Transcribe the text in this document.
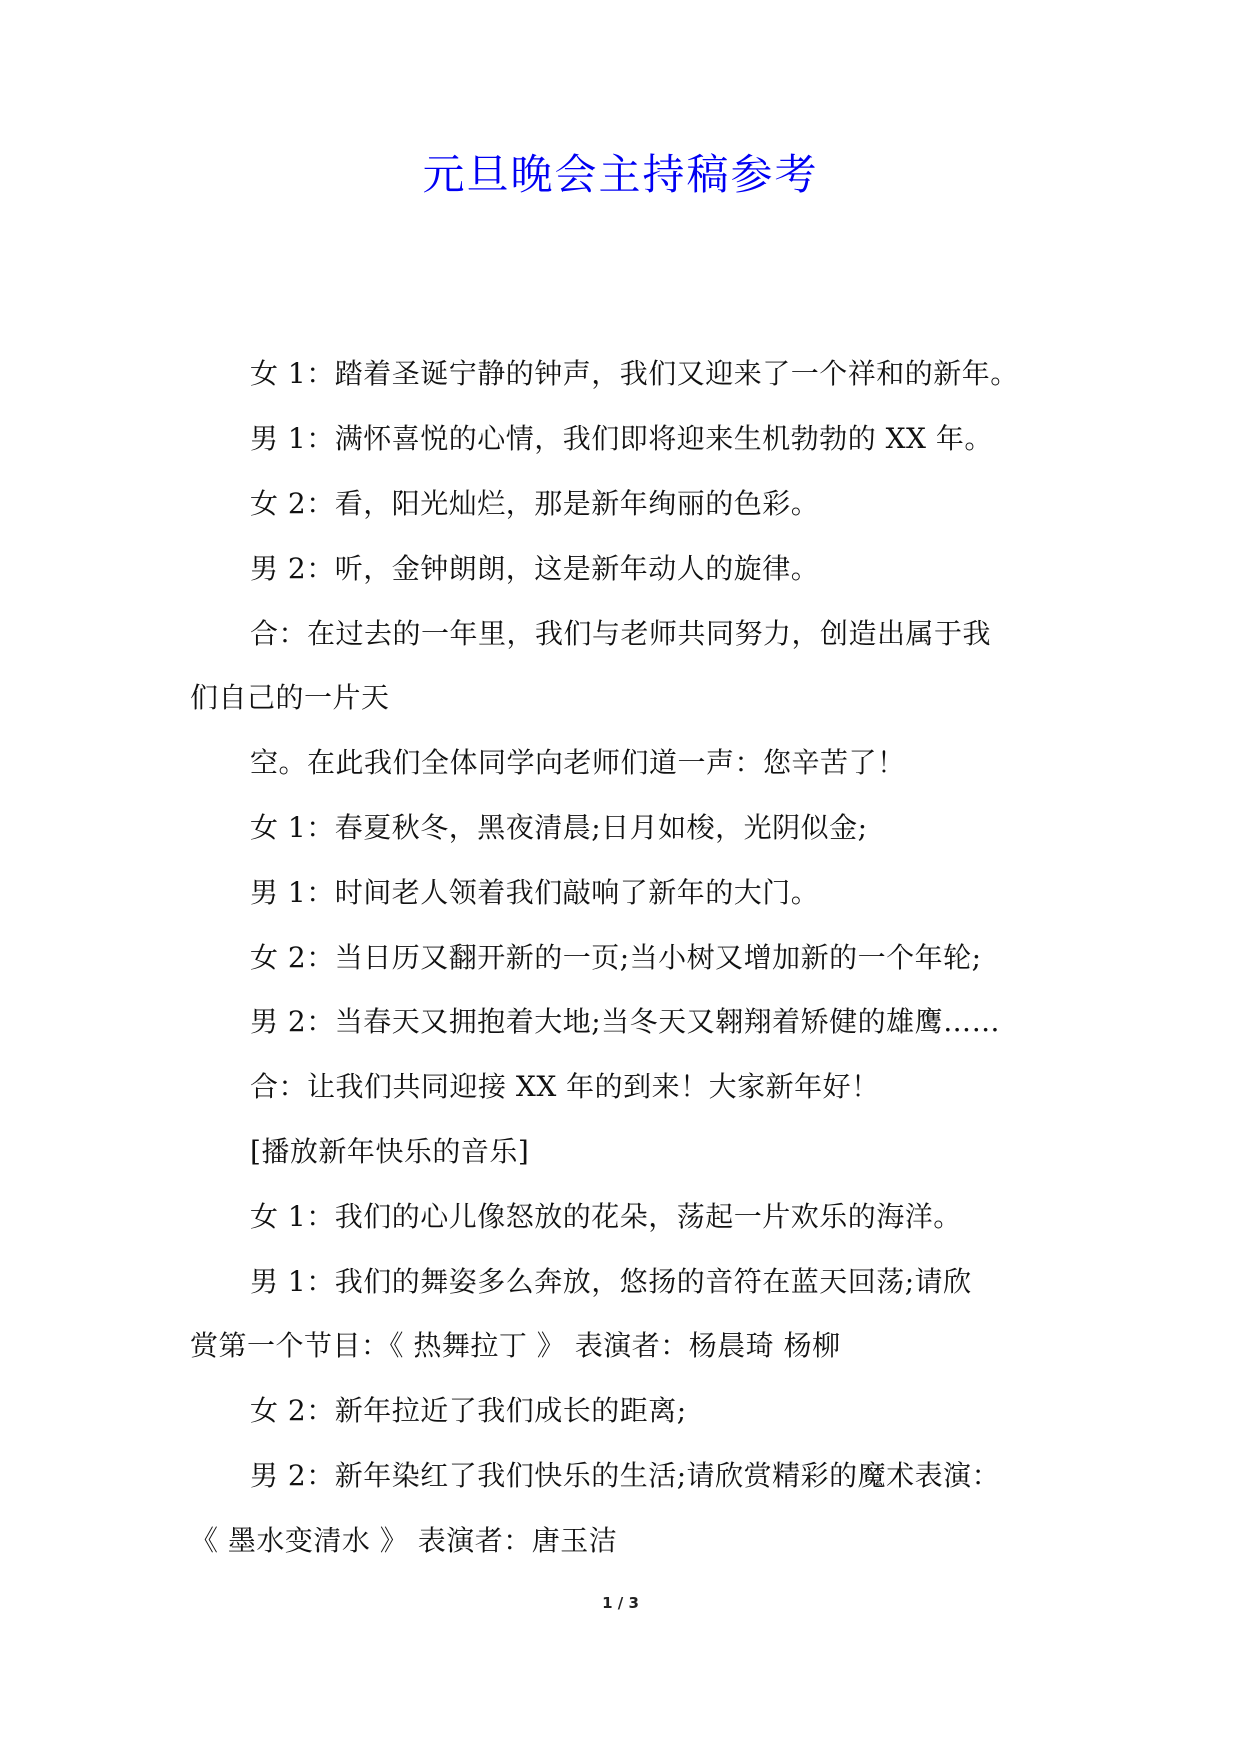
元旦晚会主持稿参考
女 1：踏着圣诞宁静的钟声，我们又迎来了一个祥和的新年。
男 1：满怀喜悦的心情，我们即将迎来生机勃勃的 XX 年。
女 2：看，阳光灿烂，那是新年绚丽的色彩。
男 2：听，金钟朗朗，这是新年动人的旋律。
合：在过去的一年里，我们与老师共同努力，创造出属于我
们自己的一片天
空。在此我们全体同学向老师们道一声：您辛苦了！
女 1：春夏秋冬，黑夜清晨;日月如梭，光阴似金;
男 1：时间老人领着我们敲响了新年的大门。
女 2：当日历又翻开新的一页;当小树又增加新的一个年轮;
男 2：当春天又拥抱着大地;当冬天又翱翔着矫健的雄鹰……
合：让我们共同迎接 XX 年的到来！大家新年好！
[播放新年快乐的音乐]
女 1：我们的心儿像怒放的花朵，荡起一片欢乐的海洋。
男 1：我们的舞姿多么奔放，悠扬的音符在蓝天回荡;请欣
赏第一个节目：《 热舞拉丁 》 表演者：杨晨琦 杨柳
女 2：新年拉近了我们成长的距离;
男 2：新年染红了我们快乐的生活;请欣赏精彩的魔术表演：
《 墨水变清水 》 表演者：唐玉洁
1 / 3
